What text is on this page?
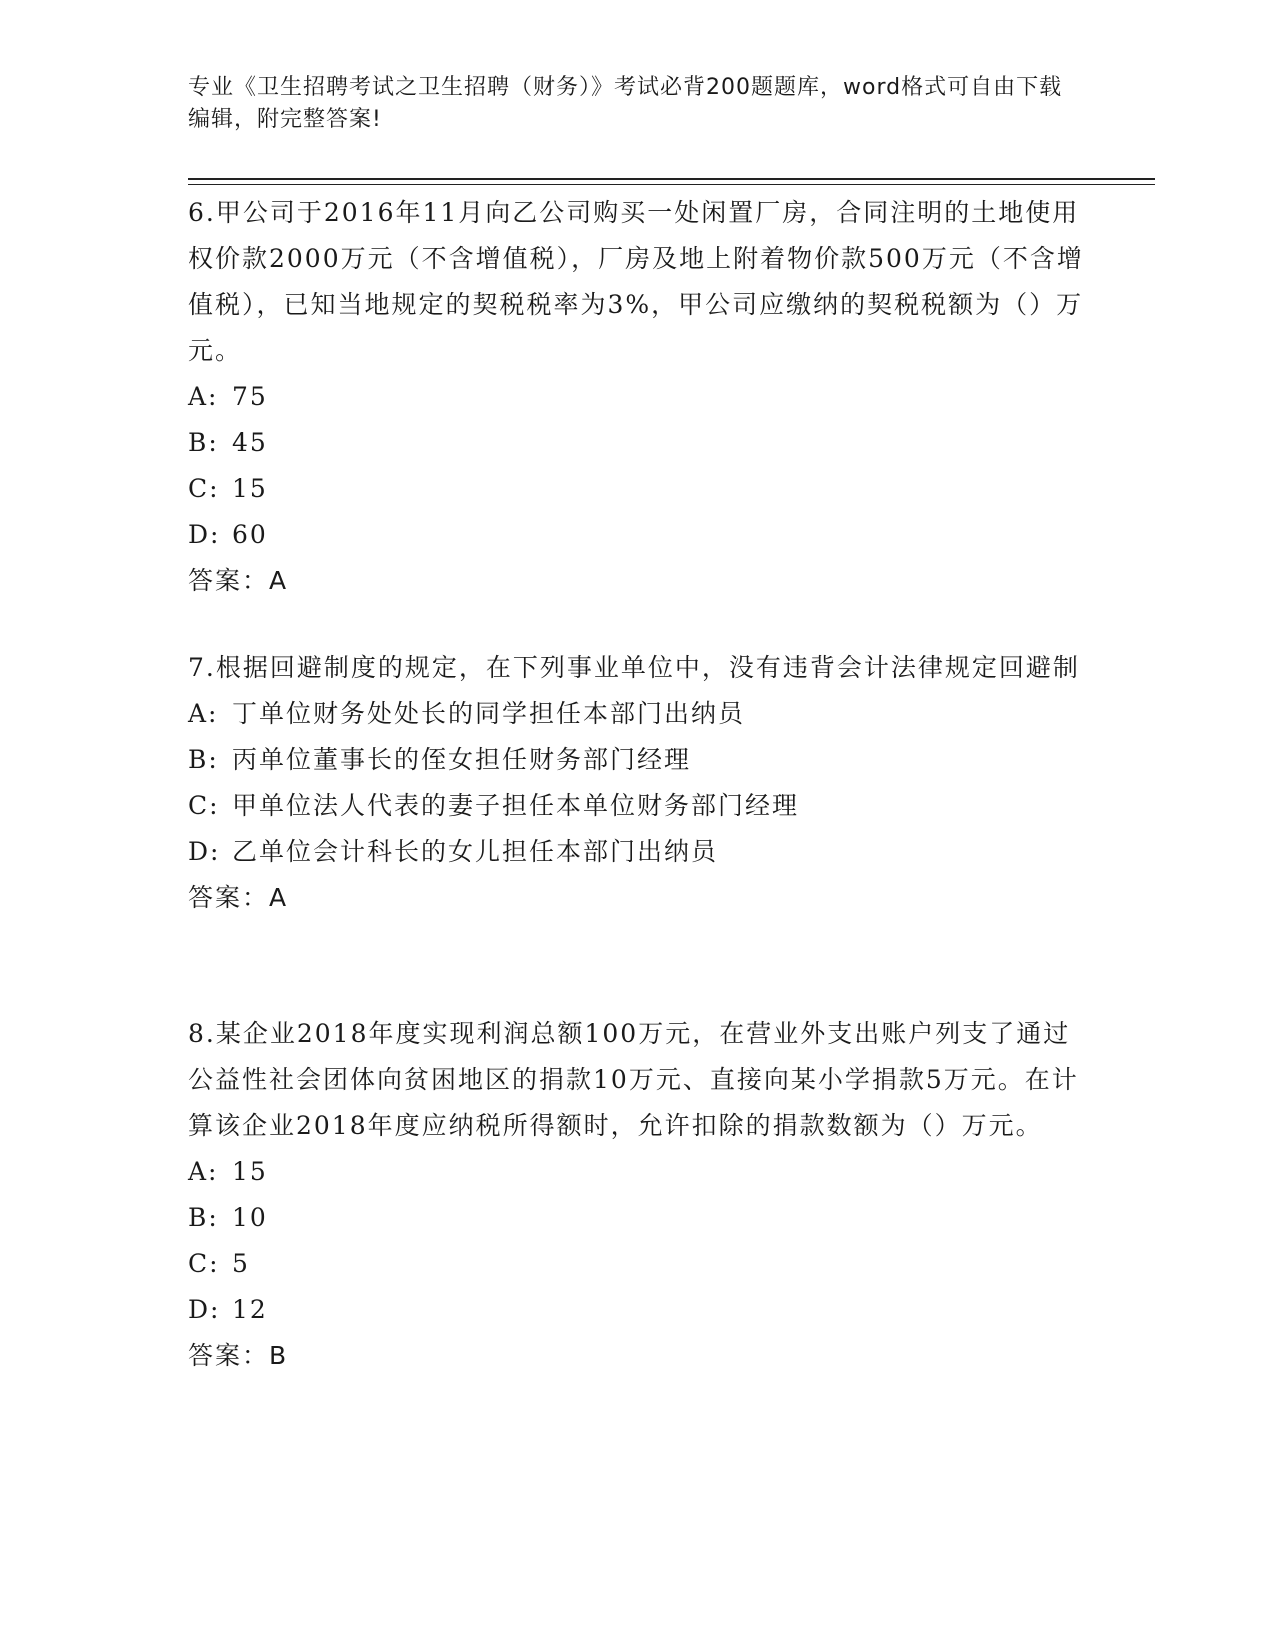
专业《卫生招聘考试之卫生招聘（财务）》考试必背200题题库，word格式可自由下载编辑，附完整答案!

6.甲公司于2016年11月向乙公司购买一处闲置厂房，合同注明的土地使用权价款2000万元（不含增值税），厂房及地上附着物价款500万元（不含增值税），已知当地规定的契税税率为3%，甲公司应缴纳的契税税额为（）万元。

A: 75
B: 45
C: 15
D: 60
答案：A

7.根据回避制度的规定，在下列事业单位中，没有违背会计法律规定回避制

A: 丁单位财务处处长的同学担任本部门出纳员
B: 丙单位董事长的侄女担任财务部门经理
C: 甲单位法人代表的妻子担任本单位财务部门经理
D: 乙单位会计科长的女儿担任本部门出纳员
答案：A

8.某企业2018年度实现利润总额100万元，在营业外支出账户列支了通过公益性社会团体向贫困地区的捐款10万元、直接向某小学捐款5万元。在计算该企业2018年度应纳税所得额时，允许扣除的捐款数额为（）万元。

A: 15
B: 10
C: 5
D: 12
答案：B
